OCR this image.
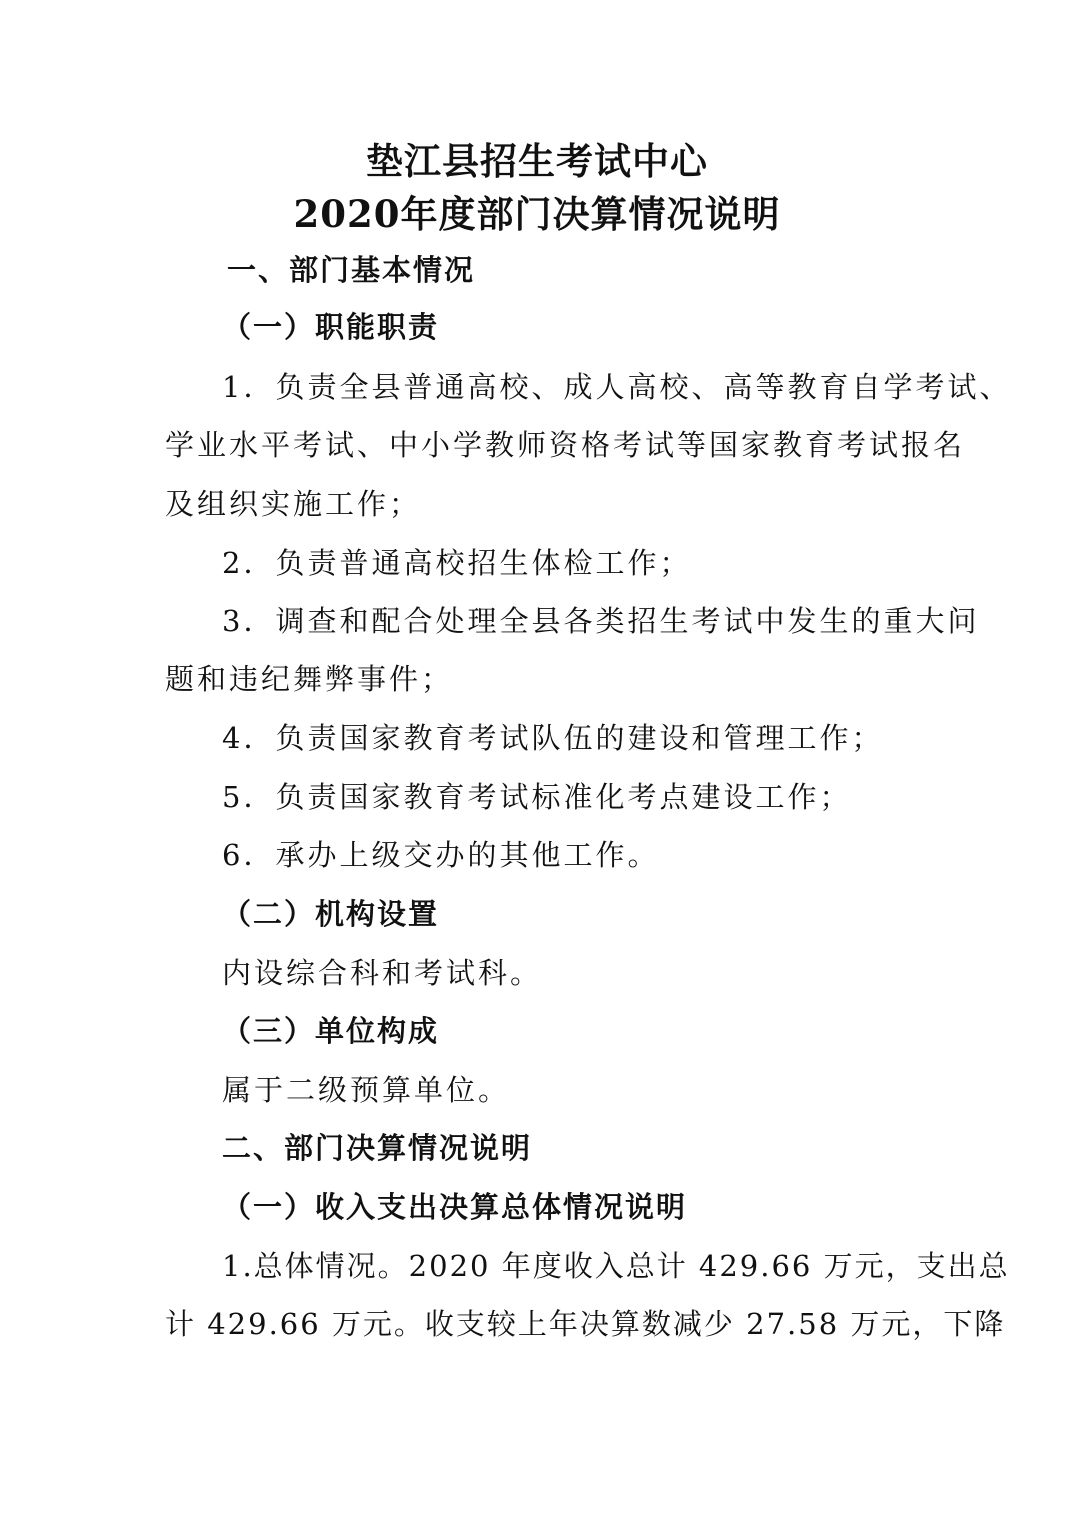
垫江县招生考试中心
2020年度部门决算情况说明
一、部门基本情况
（一）职能职责
1．负责全县普通高校、成人高校、高等教育自学考试、
学业水平考试、中小学教师资格考试等国家教育考试报名
及组织实施工作；
2．负责普通高校招生体检工作；
3．调查和配合处理全县各类招生考试中发生的重大问
题和违纪舞弊事件；
4．负责国家教育考试队伍的建设和管理工作；
5．负责国家教育考试标准化考点建设工作；
6．承办上级交办的其他工作。
（二）机构设置
内设综合科和考试科。
（三）单位构成
属于二级预算单位。
二、部门决算情况说明
（一）收入支出决算总体情况说明
1.总体情况。2020 年度收入总计 429.66 万元，支出总
计 429.66 万元。收支较上年决算数减少 27.58 万元，下降
